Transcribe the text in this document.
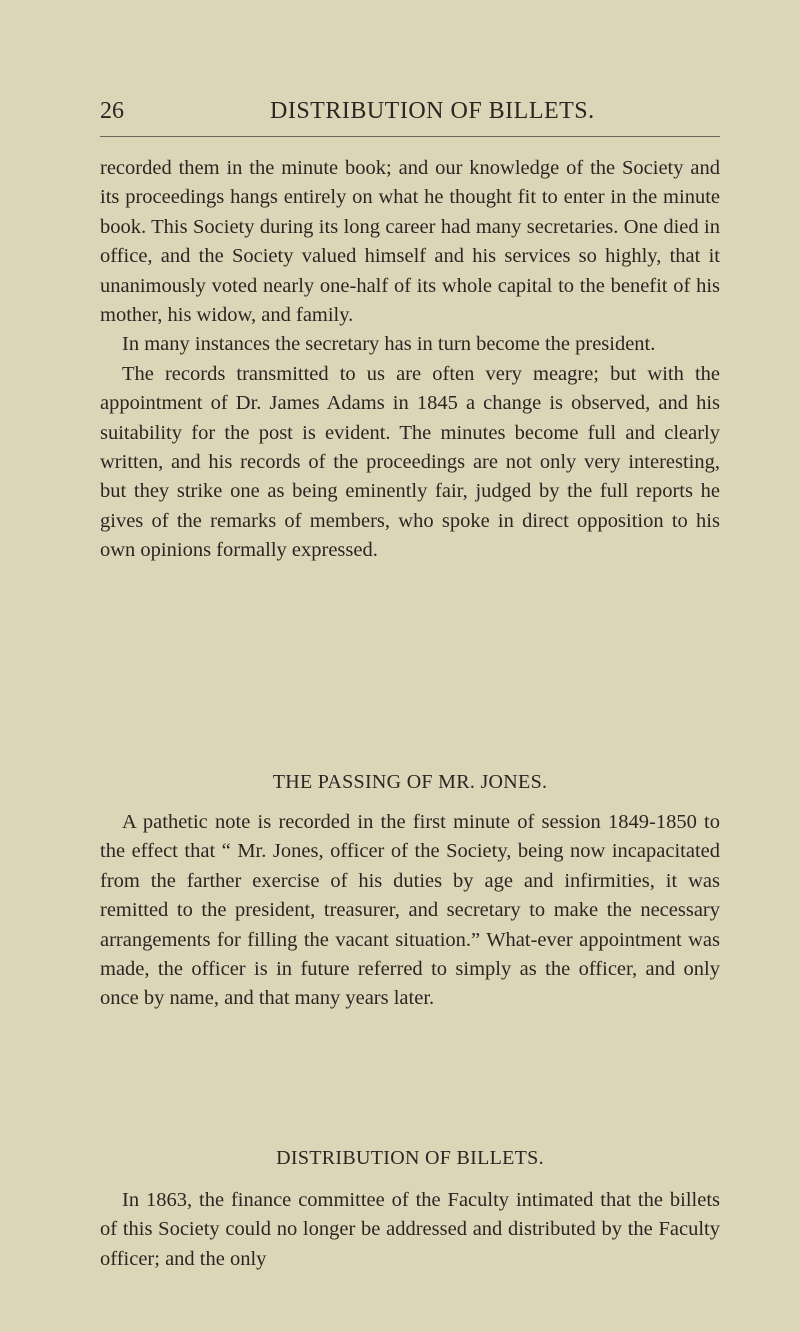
26	DISTRIBUTION OF BILLETS.

recorded them in the minute book; and our knowledge of the Society and its proceedings hangs entirely on what he thought fit to enter in the minute book. This Society during its long career had many secretaries. One died in office, and the Society valued himself and his services so highly, that it unanimously voted nearly one-half of its whole capital to the benefit of his mother, his widow, and family.

In many instances the secretary has in turn become the president.

The records transmitted to us are often very meagre; but with the appointment of Dr. James Adams in 1845 a change is observed, and his suitability for the post is evident. The minutes become full and clearly written, and his records of the proceedings are not only very interesting, but they strike one as being eminently fair, judged by the full reports he gives of the remarks of members, who spoke in direct opposition to his own opinions formally expressed.

THE PASSING OF MR. JONES.

A pathetic note is recorded in the first minute of session 1849-1850 to the effect that “ Mr. Jones, officer of the Society, being now incapacitated from the farther exercise of his duties by age and infirmities, it was remitted to the president, treasurer, and secretary to make the necessary arrangements for filling the vacant situation.” What-ever appointment was made, the officer is in future referred to simply as the officer, and only once by name, and that many years later.

DISTRIBUTION OF BILLETS.

In 1863, the finance committee of the Faculty intimated that the billets of this Society could no longer be addressed and distributed by the Faculty officer; and the only
